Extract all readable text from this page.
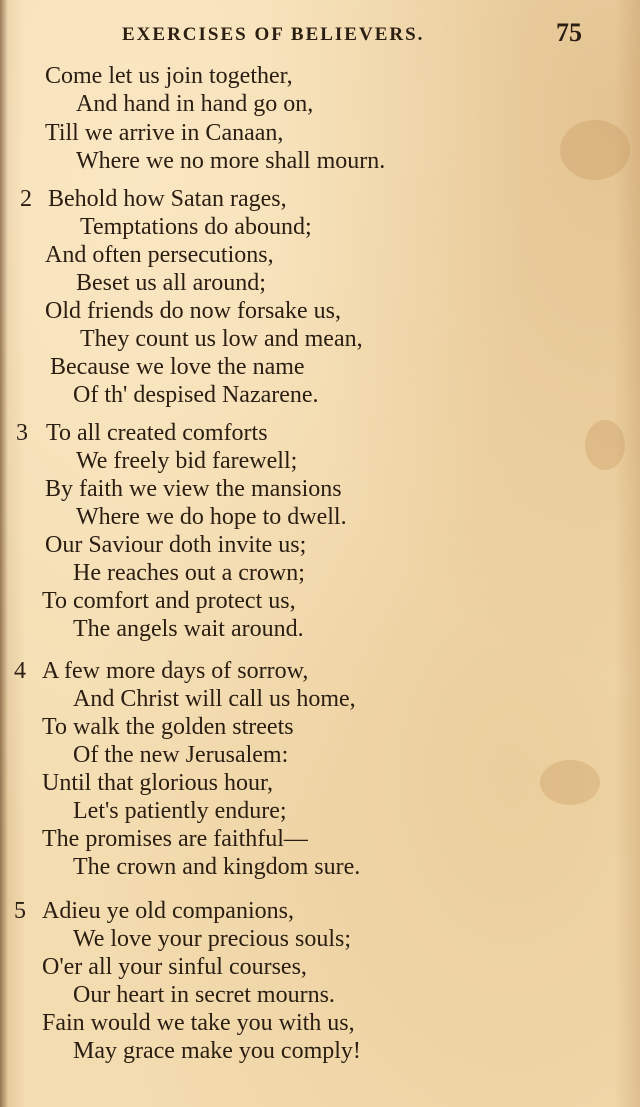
EXERCISES OF BELIEVERS.	75
Come let us join together,
And hand in hand go on,
Till we arrive in Canaan,
Where we no more shall mourn.
2 Behold how Satan rages,
Temptations do abound;
And often persecutions,
Beset us all around;
Old friends do now forsake us,
They count us low and mean,
Because we love the name
Of th' despised Nazarene.
3 To all created comforts
We freely bid farewell;
By faith we view the mansions
Where we do hope to dwell.
Our Saviour doth invite us;
He reaches out a crown;
To comfort and protect us,
The angels wait around.
4 A few more days of sorrow,
And Christ will call us home,
To walk the golden streets
Of the new Jerusalem:
Until that glorious hour,
Let's patiently endure;
The promises are faithful—
The crown and kingdom sure.
5 Adieu ye old companions,
We love your precious souls;
O'er all your sinful courses,
Our heart in secret mourns.
Fain would we take you with us,
May grace make you comply!
